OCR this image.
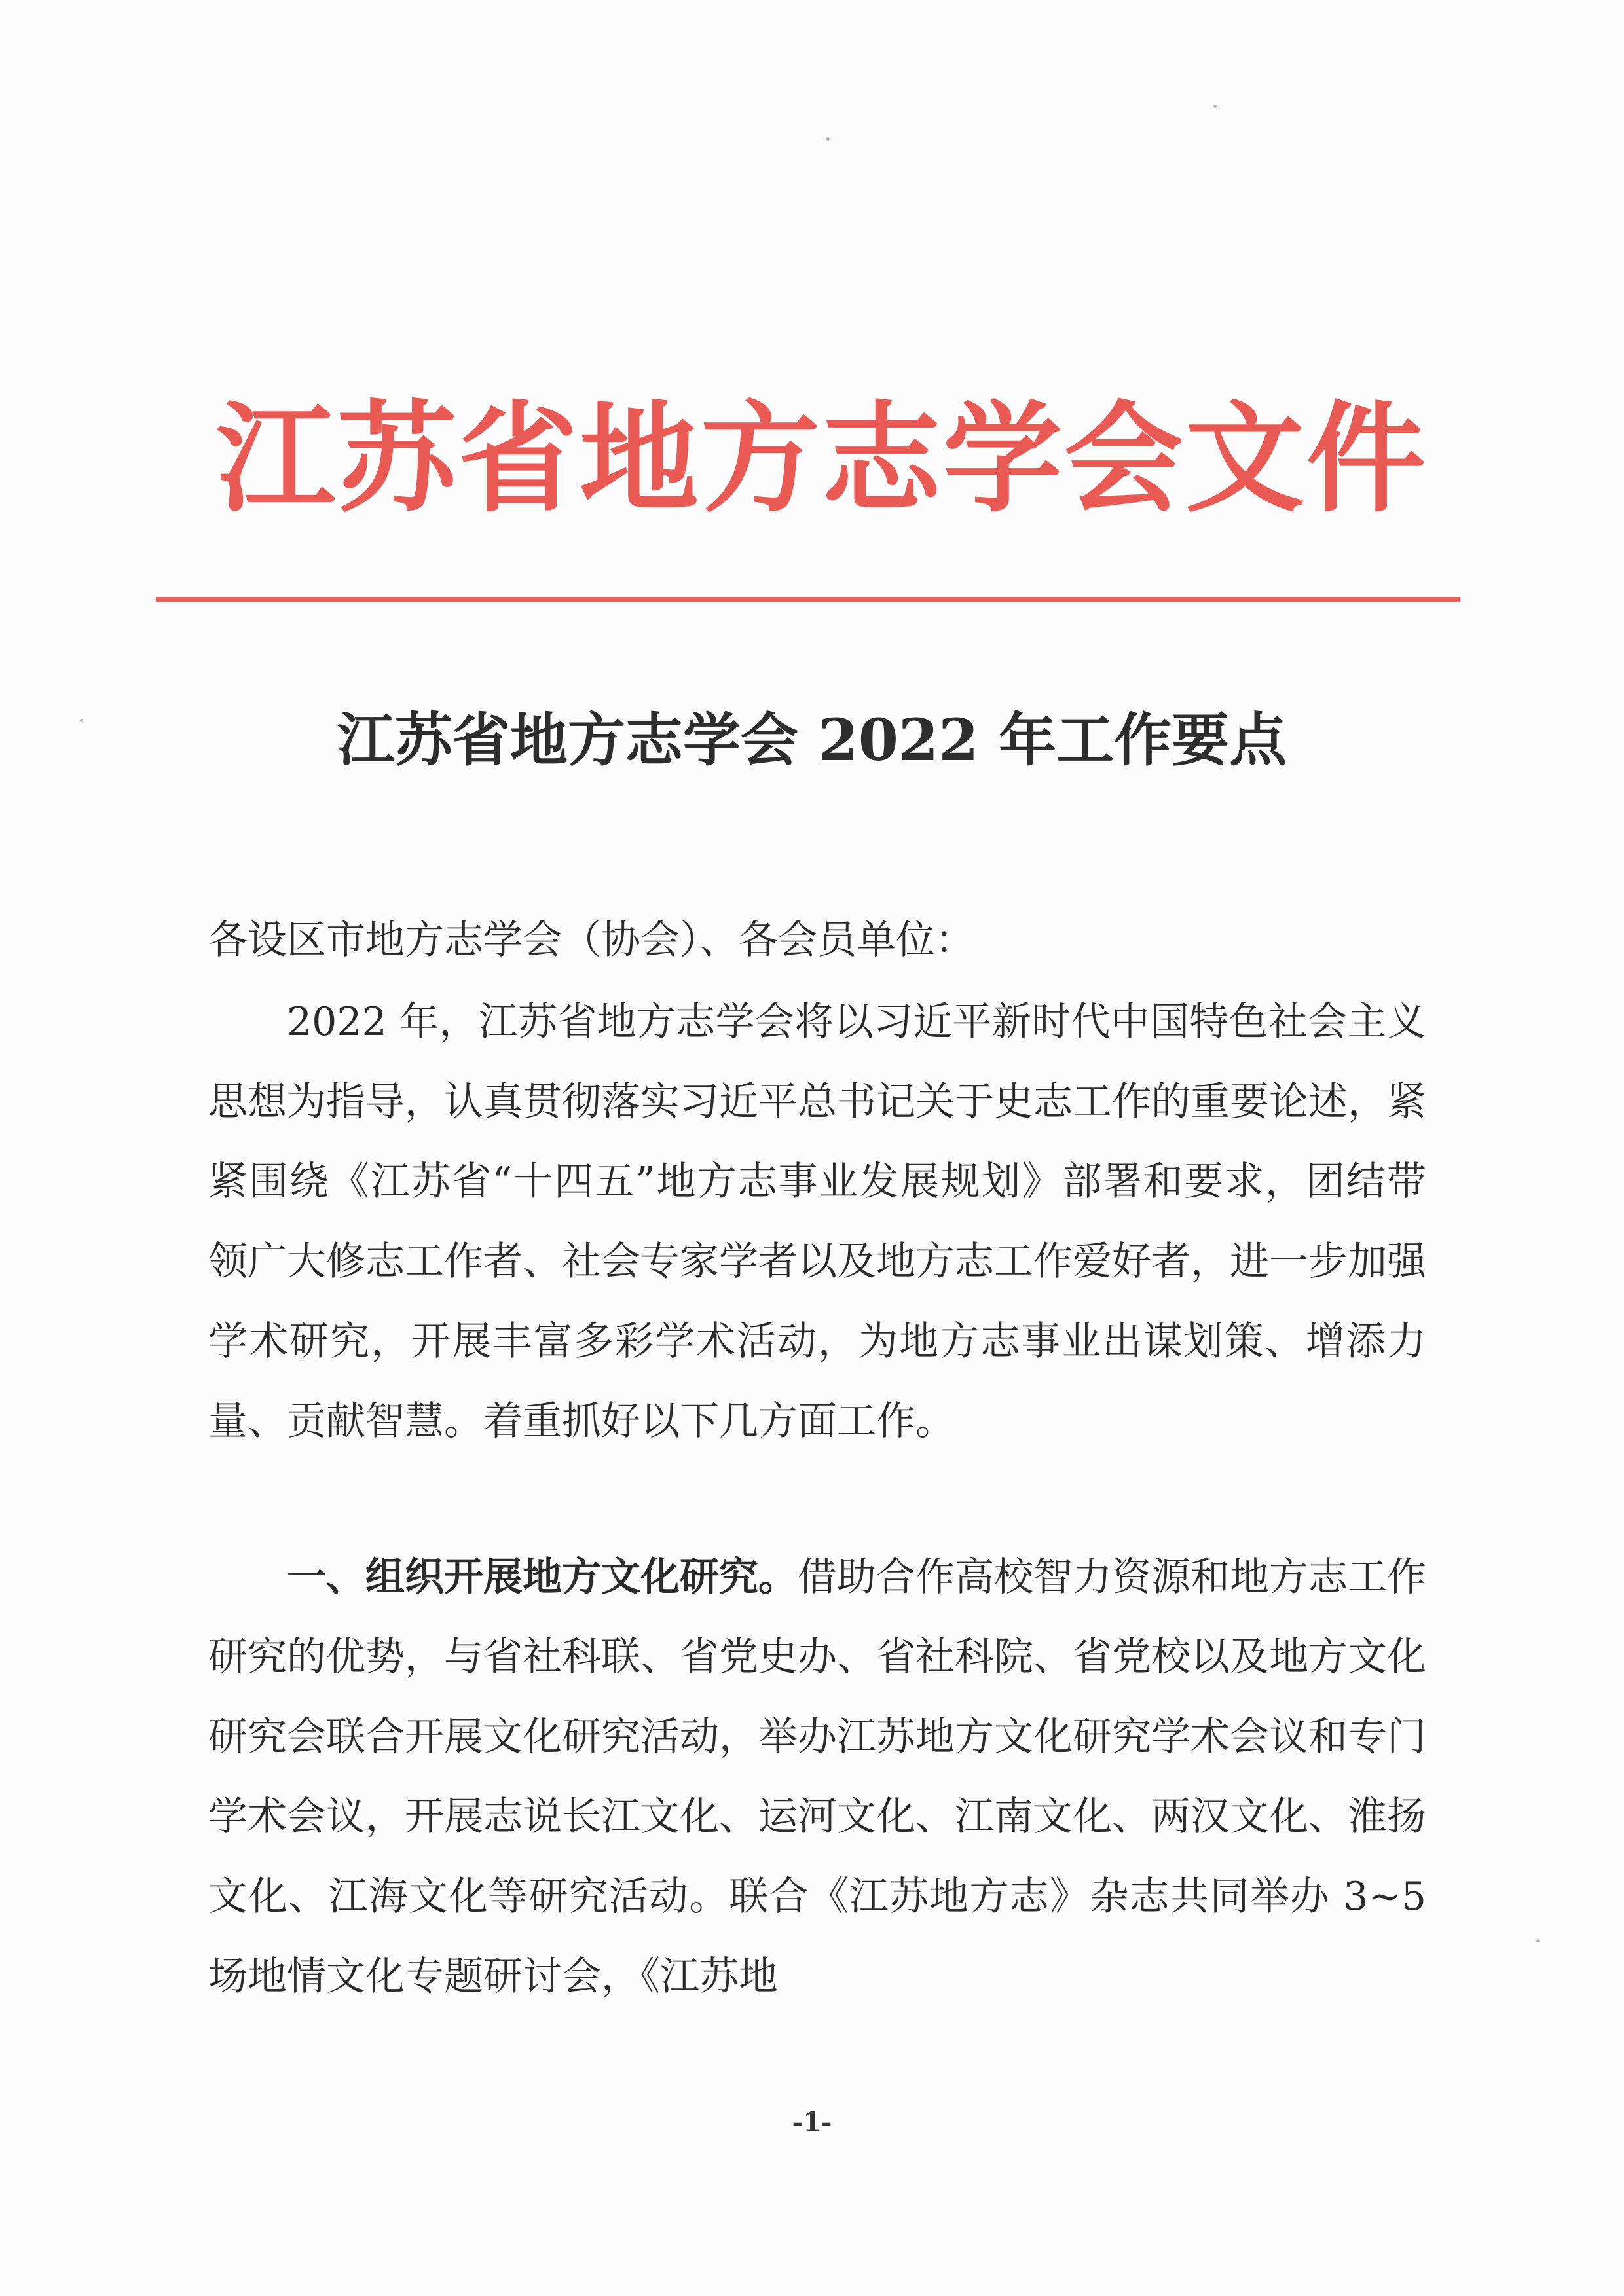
江苏省地方志学会文件
江苏省地方志学会 2022 年工作要点
各设区市地方志学会（协会）、各会员单位：

2022 年，江苏省地方志学会将以习近平新时代中国特色社会主义思想为指导，认真贯彻落实习近平总书记关于史志工作的重要论述，紧紧围绕《江苏省“十四五”地方志事业发展规划》部署和要求，团结带领广大修志工作者、社会专家学者以及地方志工作爱好者，进一步加强学术研究，开展丰富多彩学术活动，为地方志事业出谋划策、增添力量、贡献智慧。着重抓好以下几方面工作。

一、组织开展地方文化研究。借助合作高校智力资源和地方志工作研究的优势，与省社科联、省党史办、省社科院、省党校以及地方文化研究会联合开展文化研究活动，举办江苏地方文化研究学术会议和专门学术会议，开展志说长江文化、运河文化、江南文化、两汉文化、淮扬文化、江海文化等研究活动。联合《江苏地方志》杂志共同举办 3~5 场地情文化专题研讨会，《江苏地

-1-
